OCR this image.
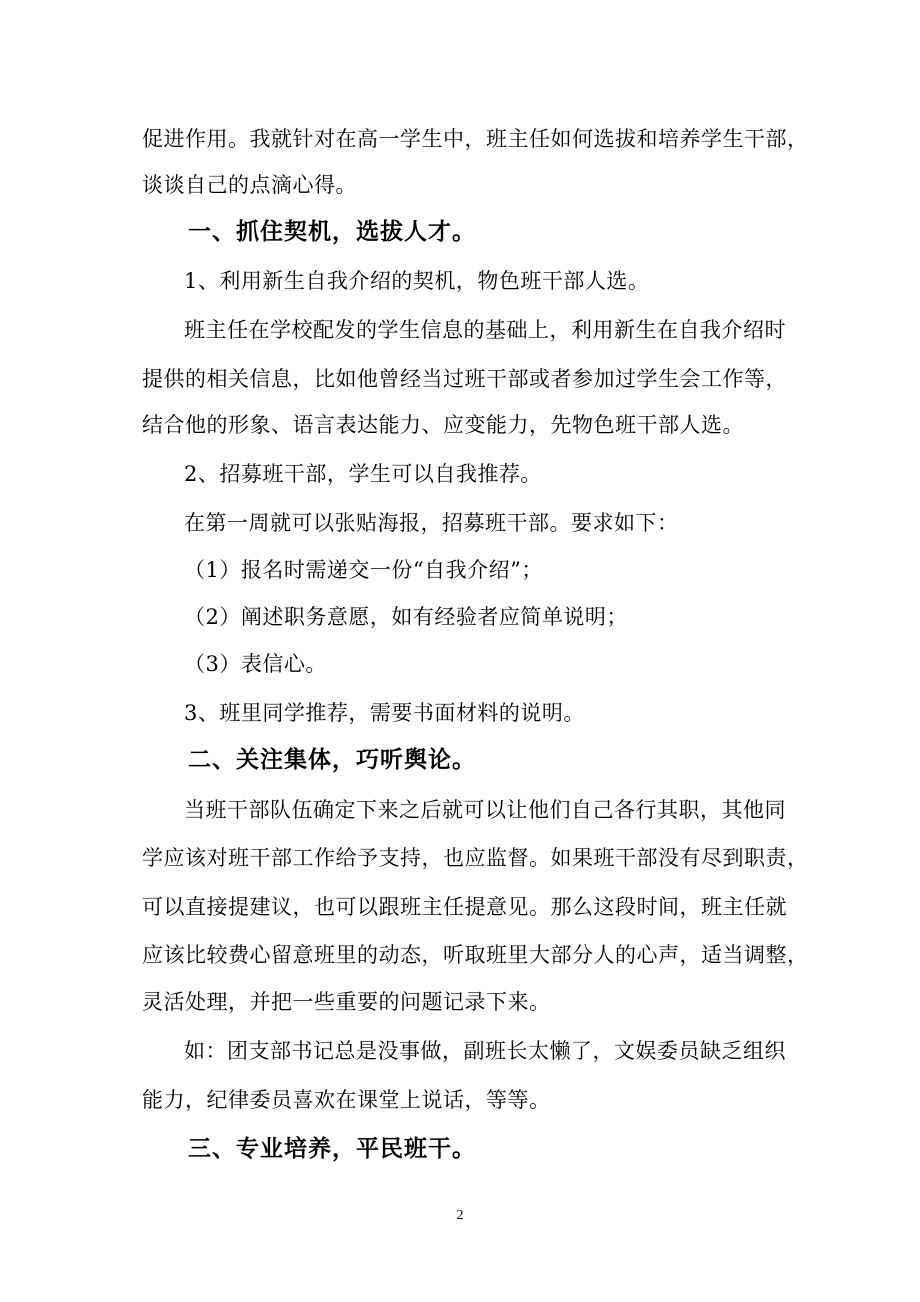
促进作用。我就针对在高一学生中，班主任如何选拔和培养学生干部，
谈谈自己的点滴心得。
一、抓住契机，选拔人才。
1、利用新生自我介绍的契机，物色班干部人选。
班主任在学校配发的学生信息的基础上，利用新生在自我介绍时
提供的相关信息，比如他曾经当过班干部或者参加过学生会工作等，
结合他的形象、语言表达能力、应变能力，先物色班干部人选。
2、招募班干部，学生可以自我推荐。
在第一周就可以张贴海报，招募班干部。要求如下：
（1）报名时需递交一份“自我介绍”；
（2）阐述职务意愿，如有经验者应简单说明；
（3）表信心。
3、班里同学推荐，需要书面材料的说明。
二、关注集体，巧听舆论。
当班干部队伍确定下来之后就可以让他们自己各行其职，其他同
学应该对班干部工作给予支持，也应监督。如果班干部没有尽到职责，
可以直接提建议，也可以跟班主任提意见。那么这段时间，班主任就
应该比较费心留意班里的动态，听取班里大部分人的心声，适当调整，
灵活处理，并把一些重要的问题记录下来。
如：团支部书记总是没事做，副班长太懒了，文娱委员缺乏组织
能力，纪律委员喜欢在课堂上说话，等等。
三、专业培养，平民班干。
2
